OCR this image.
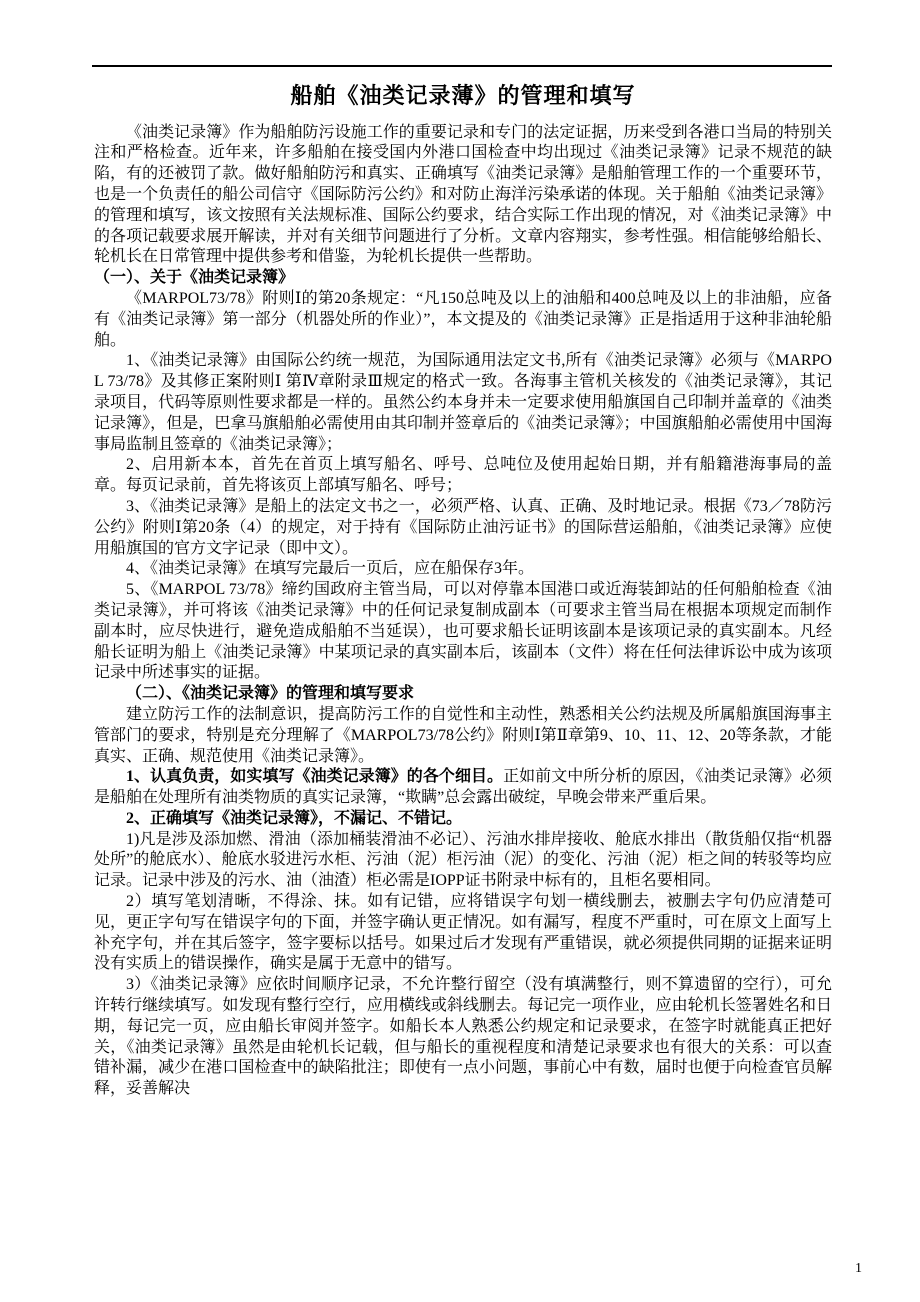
船舶《油类记录薄》的管理和填写

《油类记录簿》作为船舶防污设施工作的重要记录和专门的法定证据，历来受到各港口当局的特别关注和严格检查。近年来，许多船舶在接受国内外港口国检查中均出现过《油类记录簿》记录不规范的缺陷，有的还被罚了款。做好船舶防污和真实、正确填写《油类记录簿》是船舶管理工作的一个重要环节，也是一个负责任的船公司信守《国际防污公约》和对防止海洋污染承诺的体现。关于船舶《油类记录簿》的管理和填写，该文按照有关法规标准、国际公约要求，结合实际工作出现的情况，对《油类记录簿》中的各项记载要求展开解读，并对有关细节问题进行了分析。文章内容翔实，参考性强。相信能够给船长、轮机长在日常管理中提供参考和借鉴，为轮机长提供一些帮助。

（一）、关于《油类记录簿》

《MARPOL73/78》附则Ⅰ的第20条规定：“凡150总吨及以上的油船和400总吨及以上的非油船，应备有《油类记录簿》第一部分（机器处所的作业）”，本文提及的《油类记录簿》正是指适用于这种非油轮船舶。

1、《油类记录簿》由国际公约统一规范，为国际通用法定文书,所有《油类记录簿》必须与《MARPOL 73/78》及其修正案附则Ⅰ 第Ⅳ章附录Ⅲ规定的格式一致。各海事主管机关核发的《油类记录簿》，其记录项目，代码等原则性要求都是一样的。虽然公约本身并未一定要求使用船旗国自己印制并盖章的《油类记录簿》，但是，巴拿马旗船舶必需使用由其印制并签章后的《油类记录簿》；中国旗船舶必需使用中国海事局监制且签章的《油类记录簿》；

2、启用新本本，首先在首页上填写船名、呼号、总吨位及使用起始日期，并有船籍港海事局的盖章。每页记录前，首先将该页上部填写船名、呼号；

3、《油类记录簿》是船上的法定文书之一，必须严格、认真、正确、及时地记录。根据《73／78防污公约》附则Ⅰ第20条（4）的规定，对于持有《国际防止油污证书》的国际营运船舶，《油类记录簿》应使用船旗国的官方文字记录（即中文）。

4、《油类记录簿》在填写完最后一页后，应在船保存3年。

5、《MARPOL 73/78》缔约国政府主管当局，可以对停靠本国港口或近海装卸站的任何船舶检查《油类记录簿》，并可将该《油类记录簿》中的任何记录复制成副本（可要求主管当局在根据本项规定而制作副本时，应尽快进行，避免造成船舶不当延误），也可要求船长证明该副本是该项记录的真实副本。凡经船长证明为船上《油类记录簿》中某项记录的真实副本后，该副本（文件）将在任何法律诉讼中成为该项记录中所述事实的证据。

（二）、《油类记录簿》的管理和填写要求

建立防污工作的法制意识，提高防污工作的自觉性和主动性，熟悉相关公约法规及所属船旗国海事主管部门的要求，特别是充分理解了《MARPOL73/78公约》附则Ⅰ第Ⅱ章第9、10、11、12、20等条款，才能真实、正确、规范使用《油类记录簿》。

1、认真负责，如实填写《油类记录簿》的各个细目。正如前文中所分析的原因，《油类记录簿》必须是船舶在处理所有油类物质的真实记录簿，“欺瞒”总会露出破绽，早晚会带来严重后果。

2、正确填写《油类记录簿》，不漏记、不错记。

1)凡是涉及添加燃、滑油（添加桶装滑油不必记）、污油水排岸接收、舱底水排出（散货船仅指“机器处所”的舱底水）、舱底水驳进污水柜、污油（泥）柜污油（泥）的变化、污油（泥）柜之间的转驳等均应记录。记录中涉及的污水、油（油渣）柜必需是IOPP证书附录中标有的，且柜名要相同。

2）填写笔划清晰，不得涂、抹。如有记错，应将错误字句划一横线删去，被删去字句仍应清楚可见，更正字句写在错误字句的下面，并签字确认更正情况。如有漏写，程度不严重时，可在原文上面写上补充字句，并在其后签字，签字要标以括号。如果过后才发现有严重错误，就必须提供同期的证据来证明没有实质上的错误操作，确实是属于无意中的错写。

3）《油类记录簿》应依时间顺序记录，不允许整行留空（没有填满整行，则不算遗留的空行），可允许转行继续填写。如发现有整行空行，应用横线或斜线删去。每记完一项作业，应由轮机长签署姓名和日期，每记完一页，应由船长审阅并签字。如船长本人熟悉公约规定和记录要求，在签字时就能真正把好关，《油类记录簿》虽然是由轮机长记载，但与船长的重视程度和清楚记录要求也有很大的关系：可以查错补漏，减少在港口国检查中的缺陷批注；即使有一点小问题，事前心中有数，届时也便于向检查官员解释，妥善解决

1
